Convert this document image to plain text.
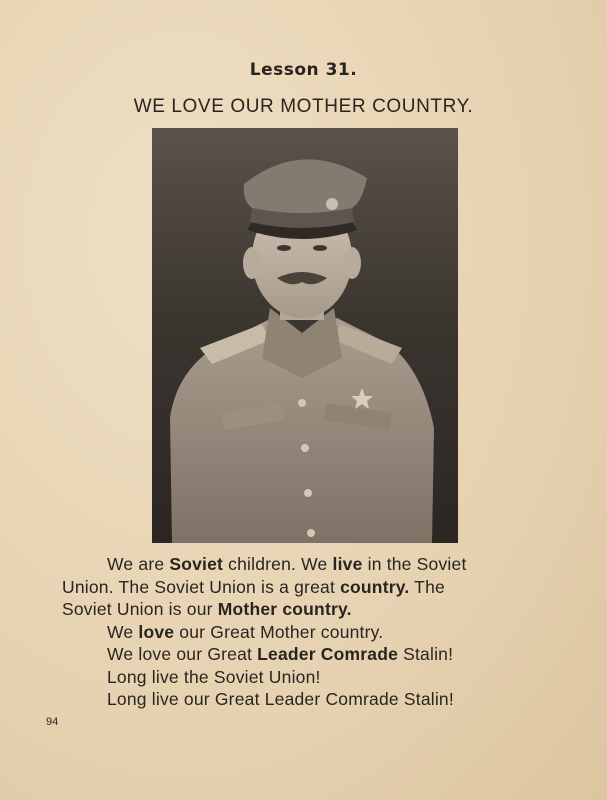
Lesson 31.
WE LOVE OUR MOTHER COUNTRY.
We are Soviet children. We live in the Soviet
Union. The Soviet Union is a great country. The
Soviet Union is our Mother country.
We love our Great Mother country.
We love our Great Leader Comrade Stalin!
Long live the Soviet Union!
Long live our Great Leader Comrade Stalin!
94
